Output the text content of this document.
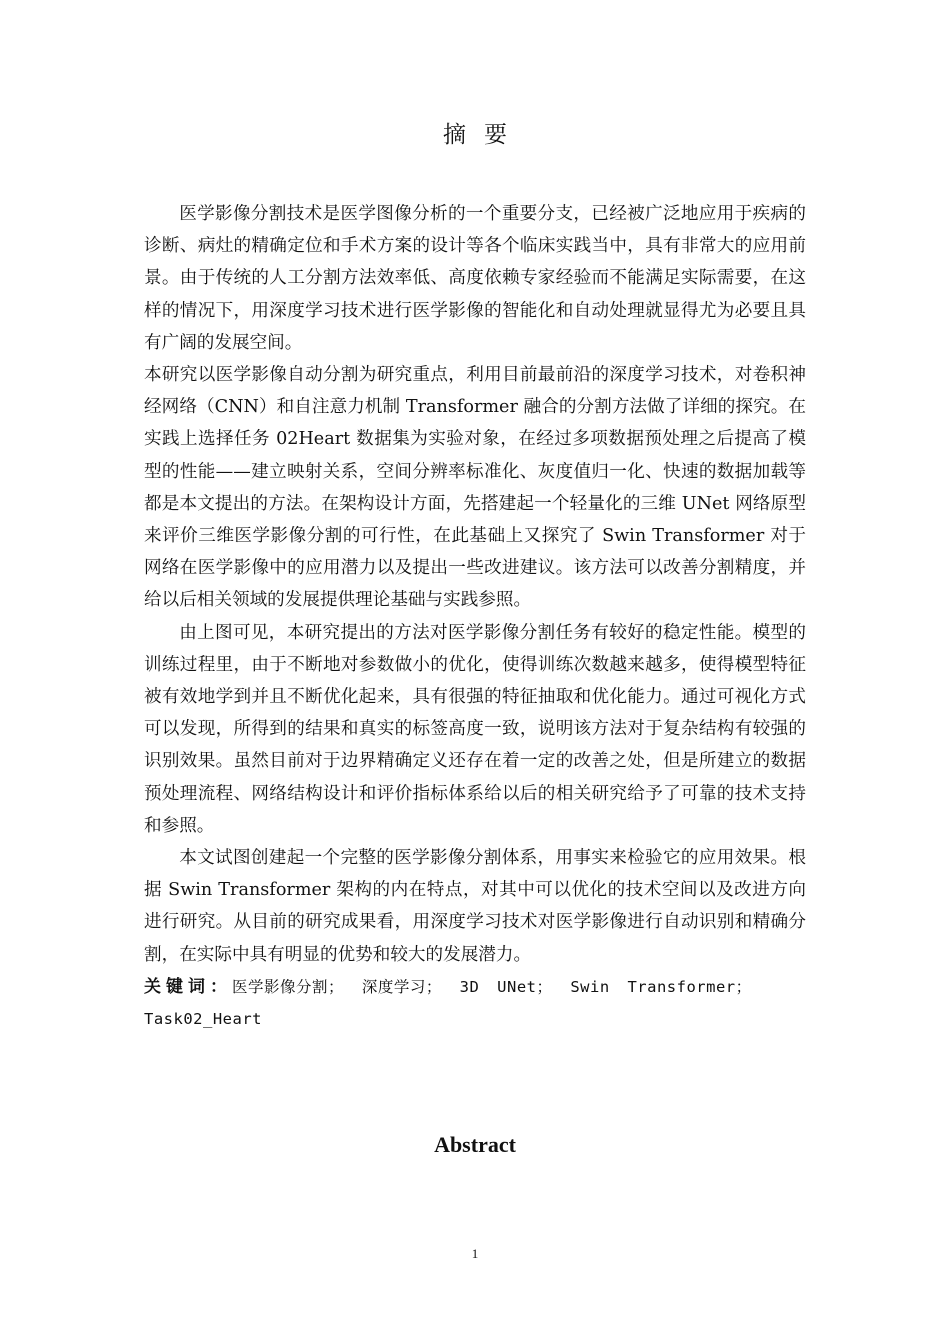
摘要

医学影像分割技术是医学图像分析的一个重要分支，已经被广泛地应用于疾病的诊断、病灶的精确定位和手术方案的设计等各个临床实践当中，具有非常大的应用前景。由于传统的人工分割方法效率低、高度依赖专家经验而不能满足实际需要，在这样的情况下，用深度学习技术进行医学影像的智能化和自动处理就显得尤为必要且具有广阔的发展空间。

本研究以医学影像自动分割为研究重点，利用目前最前沿的深度学习技术，对卷积神经网络（CNN）和自注意力机制 Transformer 融合的分割方法做了详细的探究。在实践上选择任务 02Heart 数据集为实验对象，在经过多项数据预处理之后提高了模型的性能——建立映射关系，空间分辨率标准化、灰度值归一化、快速的数据加载等都是本文提出的方法。在架构设计方面，先搭建起一个轻量化的三维 UNet 网络原型来评价三维医学影像分割的可行性，在此基础上又探究了 Swin Transformer 对于网络在医学影像中的应用潜力以及提出一些改进建议。该方法可以改善分割精度，并给以后相关领域的发展提供理论基础与实践参照。

由上图可见，本研究提出的方法对医学影像分割任务有较好的稳定性能。模型的训练过程里，由于不断地对参数做小的优化，使得训练次数越来越多，使得模型特征被有效地学到并且不断优化起来，具有很强的特征抽取和优化能力。通过可视化方式可以发现，所得到的结果和真实的标签高度一致，说明该方法对于复杂结构有较强的识别效果。虽然目前对于边界精确定义还存在着一定的改善之处，但是所建立的数据预处理流程、网络结构设计和评价指标体系给以后的相关研究给予了可靠的技术支持和参照。

本文试图创建起一个完整的医学影像分割体系，用事实来检验它的应用效果。根据 Swin Transformer 架构的内在特点，对其中可以优化的技术空间以及改进方向进行研究。从目前的研究成果看，用深度学习技术对医学影像进行自动识别和精确分割，在实际中具有明显的优势和较大的发展潜力。

关键词：医学影像分割； 深度学习； 3D UNet； Swin Transformer； Task02_Heart

Abstract
1
